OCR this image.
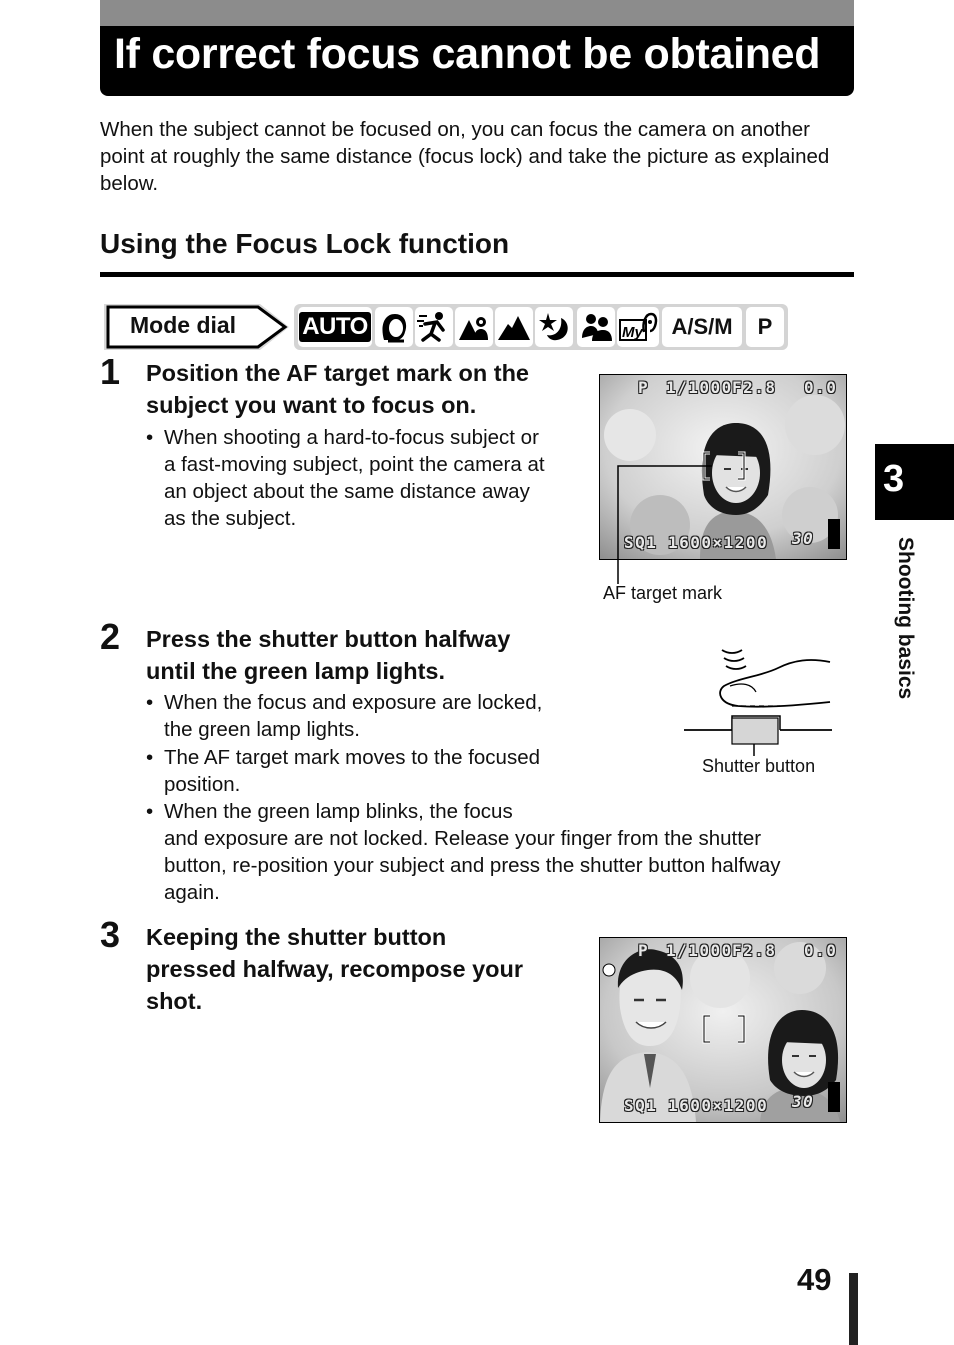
If correct focus cannot be obtained

When the subject cannot be focused on, you can focus the camera on another point at roughly the same distance (focus lock) and take the picture as explained below.

Using the Focus Lock function
Mode dial	AUTO	My	A/S/M	P
1 Position the AF target mark on the

subject you want to focus on.

• When shooting a hard-to-focus subject or

a fast-moving subject, point the camera at

an object about the same distance away

as the subject.

P 1/1000 F2.8 0.0
SQ1 1600×1200 30
AF target mark
2 Press the shutter button halfway

until the green lamp lights.

• When the focus and exposure are locked,

the green lamp lights.

• The AF target mark moves to the focused

position.

• When the green lamp blinks, the focus

and exposure are not locked. Release your finger from the shutter

button, re-position your subject and press the shutter button halfway

again.

Shutter button
3 Keeping the shutter button

pressed halfway, recompose your

shot.

P 1/1000 F2.8 0.0
SQ1 1600×1200 30
3
Shooting basics
49
